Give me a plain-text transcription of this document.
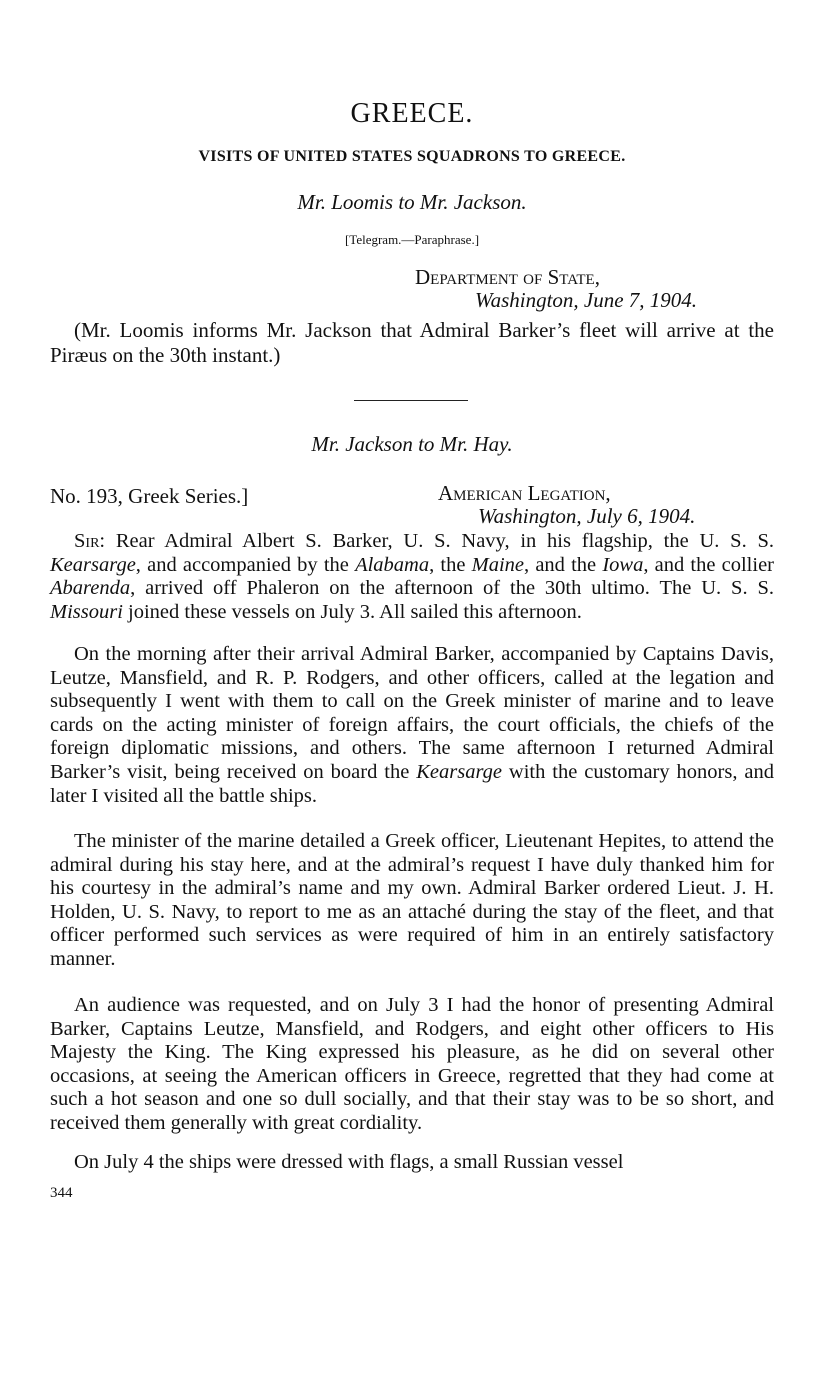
GREECE.
VISITS OF UNITED STATES SQUADRONS TO GREECE.
Mr. Loomis to Mr. Jackson.
[Telegram.—Paraphrase.]
Department of State,
Washington, June 7, 1904.

(Mr. Loomis informs Mr. Jackson that Admiral Barker’s fleet will arrive at the Piræus on the 30th instant.)

Mr. Jackson to Mr. Hay.
No. 193, Greek Series.]	American Legation,
Washington, July 6, 1904.

Sir: Rear Admiral Albert S. Barker, U. S. Navy, in his flagship, the U. S. S. Kearsarge, and accompanied by the Alabama, the Maine, and the Iowa, and the collier Abarenda, arrived off Phaleron on the afternoon of the 30th ultimo. The U. S. S. Missouri joined these vessels on July 3. All sailed this afternoon.

On the morning after their arrival Admiral Barker, accompanied by Captains Davis, Leutze, Mansfield, and R. P. Rodgers, and other officers, called at the legation and subsequently I went with them to call on the Greek minister of marine and to leave cards on the acting minister of foreign affairs, the court officials, the chiefs of the foreign diplomatic missions, and others. The same afternoon I returned Admiral Barker’s visit, being received on board the Kearsarge with the customary honors, and later I visited all the battle ships.

The minister of the marine detailed a Greek officer, Lieutenant Hepites, to attend the admiral during his stay here, and at the admiral’s request I have duly thanked him for his courtesy in the admiral’s name and my own. Admiral Barker ordered Lieut. J. H. Holden, U. S. Navy, to report to me as an attaché during the stay of the fleet, and that officer performed such services as were required of him in an entirely satisfactory manner.

An audience was requested, and on July 3 I had the honor of presenting Admiral Barker, Captains Leutze, Mansfield, and Rodgers, and eight other officers to His Majesty the King. The King expressed his pleasure, as he did on several other occasions, at seeing the American officers in Greece, regretted that they had come at such a hot season and one so dull socially, and that their stay was to be so short, and received them generally with great cordiality.

On July 4 the ships were dressed with flags, a small Russian vessel

344
